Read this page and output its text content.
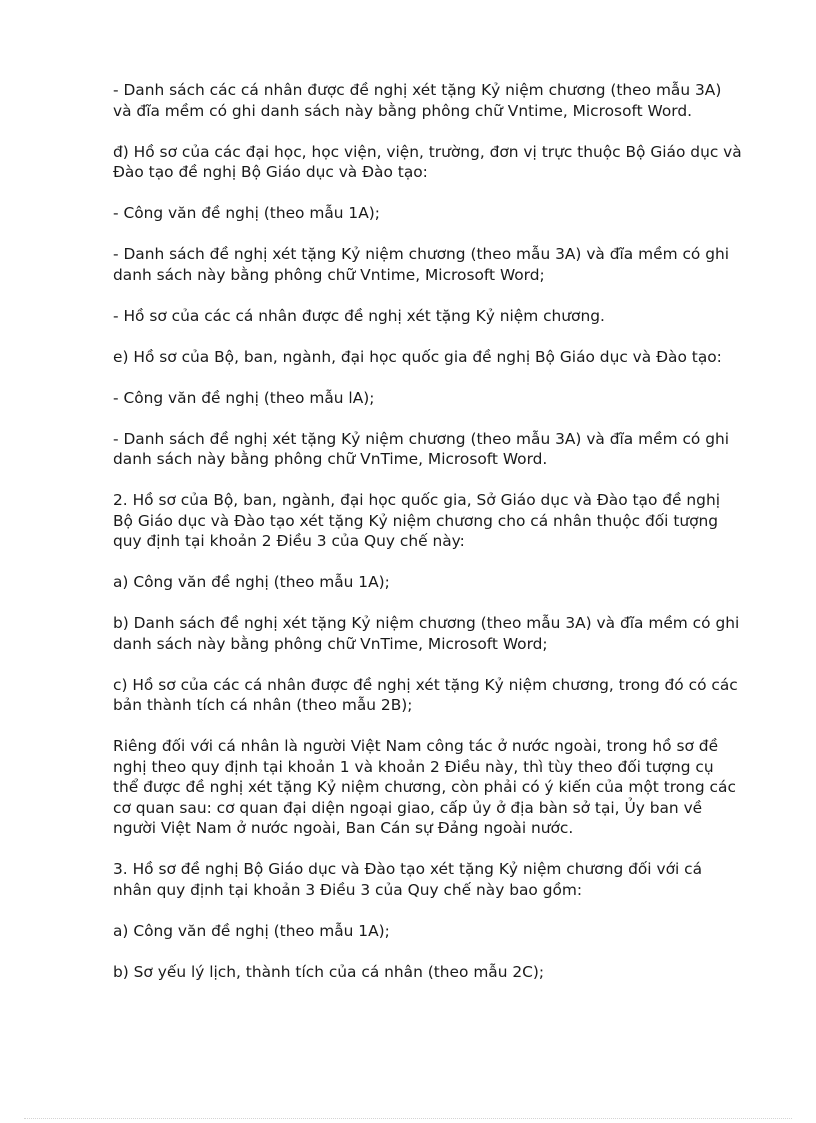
- Danh sách các cá nhân được đề nghị xét tặng Kỷ niệm chương (theo mẫu 3A) và đĩa mềm có ghi danh sách này bằng phông chữ Vntime, Microsoft Word.

đ) Hồ sơ của các đại học, học viện, viện, trường, đơn vị trực thuộc Bộ Giáo dục và Đào tạo đề nghị Bộ Giáo dục và Đào tạo:

- Công văn đề nghị (theo mẫu 1A);

- Danh sách đề nghị xét tặng Kỷ niệm chương (theo mẫu 3A) và đĩa mềm có ghi danh sách này bằng phông chữ Vntime, Microsoft Word;

- Hồ sơ của các cá nhân được đề nghị xét tặng Kỷ niệm chương.

e) Hồ sơ của Bộ, ban, ngành, đại học quốc gia đề nghị Bộ Giáo dục và Đào tạo:

- Công văn đề nghị (theo mẫu lA);

- Danh sách đề nghị xét tặng Kỷ niệm chương (theo mẫu 3A) và đĩa mềm có ghi danh sách này bằng phông chữ VnTime, Microsoft Word.

2. Hồ sơ của Bộ, ban, ngành, đại học quốc gia, Sở Giáo dục và Đào tạo đề nghị Bộ Giáo dục và Đào tạo xét tặng Kỷ niệm chương cho cá nhân thuộc đối tượng quy định tại khoản 2 Điều 3 của Quy chế này:

a) Công văn đề nghị (theo mẫu 1A);

b) Danh sách đề nghị xét tặng Kỷ niệm chương (theo mẫu 3A) và đĩa mềm có ghi danh sách này bằng phông chữ VnTime, Microsoft Word;

c) Hồ sơ của các cá nhân được đề nghị xét tặng Kỷ niệm chương, trong đó có các bản thành tích cá nhân (theo mẫu 2B);

Riêng đối với cá nhân là người Việt Nam công tác ở nước ngoài, trong hồ sơ đề nghị theo quy định tại khoản 1 và khoản 2 Điều này, thì tùy theo đối tượng cụ thể được đề nghị xét tặng Kỷ niệm chương, còn phải có ý kiến của một trong các cơ quan sau: cơ quan đại diện ngoại giao, cấp ủy ở địa bàn sở tại, Ủy ban về người Việt Nam ở nước ngoài, Ban Cán sự Đảng ngoài nước.

3. Hồ sơ đề nghị Bộ Giáo dục và Đào tạo xét tặng Kỷ niệm chương đối với cá nhân quy định tại khoản 3 Điều 3 của Quy chế này bao gồm:

a) Công văn đề nghị (theo mẫu 1A);

b) Sơ yếu lý lịch, thành tích của cá nhân (theo mẫu 2C);
